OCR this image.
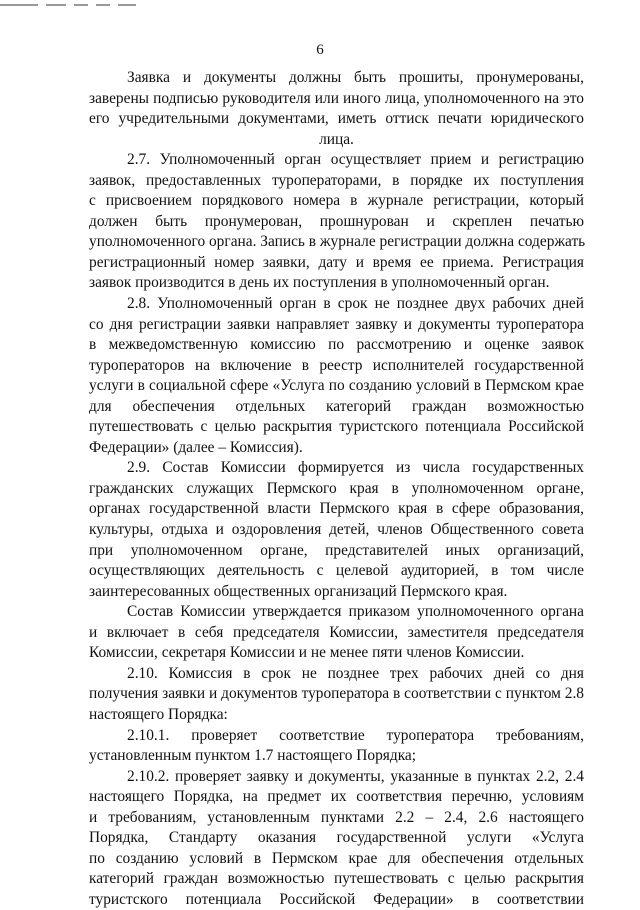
6
Заявка и документы должны быть прошиты, пронумерованы,
заверены подписью руководителя или иного лица, уполномоченного на это
его учредительными документами, иметь оттиск печати юридического
лица.
2.7. Уполномоченный орган осуществляет прием и регистрацию
заявок, предоставленных туроператорами, в порядке их поступления
с присвоением порядкового номера в журнале регистрации, который
должен быть пронумерован, прошнурован и скреплен печатью
уполномоченного органа. Запись в журнале регистрации должна содержать
регистрационный номер заявки, дату и время ее приема. Регистрация
заявок производится в день их поступления в уполномоченный орган.
2.8. Уполномоченный орган в срок не позднее двух рабочих дней
со дня регистрации заявки направляет заявку и документы туроператора
в межведомственную комиссию по рассмотрению и оценке заявок
туроператоров на включение в реестр исполнителей государственной
услуги в социальной сфере «Услуга по созданию условий в Пермском крае
для обеспечения отдельных категорий граждан возможностью
путешествовать с целью раскрытия туристского потенциала Российской
Федерации» (далее – Комиссия).
2.9. Состав Комиссии формируется из числа государственных
гражданских служащих Пермского края в уполномоченном органе,
органах государственной власти Пермского края в сфере образования,
культуры, отдыха и оздоровления детей, членов Общественного совета
при уполномоченном органе, представителей иных организаций,
осуществляющих деятельность с целевой аудиторией, в том числе
заинтересованных общественных организаций Пермского края.
Состав Комиссии утверждается приказом уполномоченного органа
и включает в себя председателя Комиссии, заместителя председателя
Комиссии, секретаря Комиссии и не менее пяти членов Комиссии.
2.10. Комиссия в срок не позднее трех рабочих дней со дня
получения заявки и документов туроператора в соответствии с пунктом 2.8
настоящего Порядка:
2.10.1. проверяет соответствие туроператора требованиям,
установленным пунктом 1.7 настоящего Порядка;
2.10.2. проверяет заявку и документы, указанные в пунктах 2.2, 2.4
настоящего Порядка, на предмет их соответствия перечню, условиям
и требованиям, установленным пунктами 2.2 – 2.4, 2.6 настоящего
Порядка, Стандарту оказания государственной услуги «Услуга
по созданию условий в Пермском крае для обеспечения отдельных
категорий граждан возможностью путешествовать с целью раскрытия
туристского потенциала Российской Федерации» в соответствии
